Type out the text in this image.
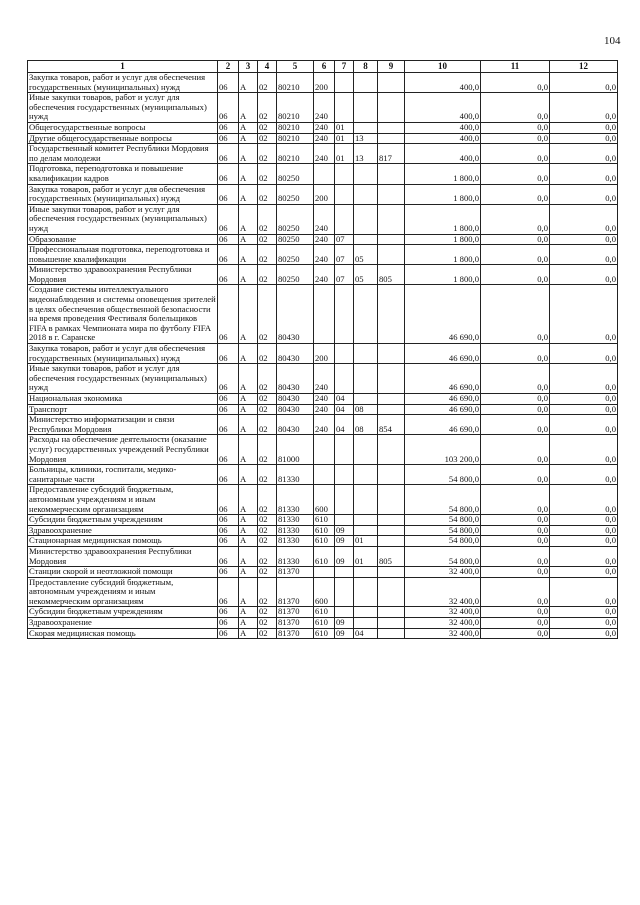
104
1	2	3	4	5	6	7	8	9	10	11	12
Закупка товаров, работ и услуг для обеспечения государственных (муниципальных) нужд	06	А	02	80210	200				400,0	0,0	0,0
Иные закупки товаров, работ и услуг для обеспечения государственных (муниципальных) нужд	06	А	02	80210	240				400,0	0,0	0,0
Общегосударственные вопросы	06	А	02	80210	240	01			400,0	0,0	0,0
Другие общегосударственные вопросы	06	А	02	80210	240	01	13		400,0	0,0	0,0
Государственный комитет Республики Мордовия по делам молодежи	06	А	02	80210	240	01	13	817	400,0	0,0	0,0
Подготовка, переподготовка и повышение квалификации кадров	06	А	02	80250					1 800,0	0,0	0,0
Закупка товаров, работ и услуг для обеспечения государственных (муниципальных) нужд	06	А	02	80250	200				1 800,0	0,0	0,0
Иные закупки товаров, работ и услуг для обеспечения государственных (муниципальных) нужд	06	А	02	80250	240				1 800,0	0,0	0,0
Образование	06	А	02	80250	240	07			1 800,0	0,0	0,0
Профессиональная подготовка, переподготовка и повышение квалификации	06	А	02	80250	240	07	05		1 800,0	0,0	0,0
Министерство здравоохранения Республики Мордовия	06	А	02	80250	240	07	05	805	1 800,0	0,0	0,0
Создание системы интеллектуального видеонаблюдения и системы оповещения зрителей в целях обеспечения общественной безопасности на время проведения Фестиваля болельщиков FIFA в рамках Чемпионата мира по футболу FIFA 2018 в г. Саранске	06	А	02	80430					46 690,0	0,0	0,0
Закупка товаров, работ и услуг для обеспечения государственных (муниципальных) нужд	06	А	02	80430	200				46 690,0	0,0	0,0
Иные закупки товаров, работ и услуг для обеспечения государственных (муниципальных) нужд	06	А	02	80430	240				46 690,0	0,0	0,0
Национальная экономика	06	А	02	80430	240	04			46 690,0	0,0	0,0
Транспорт	06	А	02	80430	240	04	08		46 690,0	0,0	0,0
Министерство информатизации и связи Республики Мордовия	06	А	02	80430	240	04	08	854	46 690,0	0,0	0,0
Расходы на обеспечение деятельности (оказание услуг) государственных учреждений Республики Мордовия	06	А	02	81000					103 200,0	0,0	0,0
Больницы, клиники, госпитали, медико-санитарные части	06	А	02	81330					54 800,0	0,0	0,0
Предоставление субсидий бюджетным, автономным учреждениям и иным некоммерческим организациям	06	А	02	81330	600				54 800,0	0,0	0,0
Субсидии бюджетным учреждениям	06	А	02	81330	610				54 800,0	0,0	0,0
Здравоохранение	06	А	02	81330	610	09			54 800,0	0,0	0,0
Стационарная медицинская помощь	06	А	02	81330	610	09	01		54 800,0	0,0	0,0
Министерство здравоохранения Республики Мордовия	06	А	02	81330	610	09	01	805	54 800,0	0,0	0,0
Станции скорой и неотложной помощи	06	А	02	81370					32 400,0	0,0	0,0
Предоставление субсидий бюджетным, автономным учреждениям и иным некоммерческим организациям	06	А	02	81370	600				32 400,0	0,0	0,0
Субсидии бюджетным учреждениям	06	А	02	81370	610				32 400,0	0,0	0,0
Здравоохранение	06	А	02	81370	610	09			32 400,0	0,0	0,0
Скорая медицинская помощь	06	А	02	81370	610	09	04		32 400,0	0,0	0,0
